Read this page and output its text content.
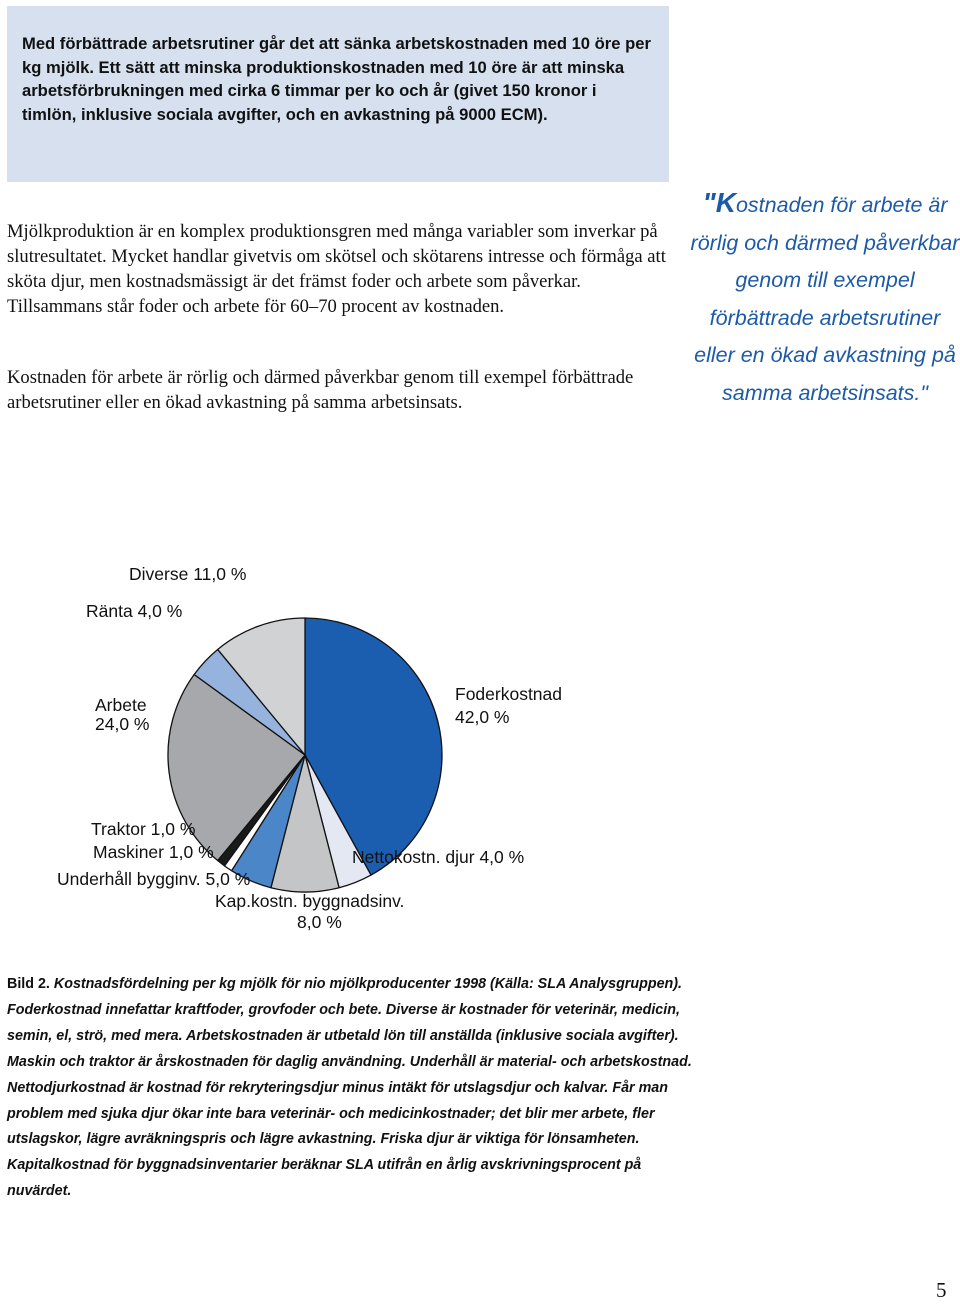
Med förbättrade arbetsrutiner går det att sänka arbetskostnaden med 10 öre per kg mjölk. Ett sätt att minska produktionskostnaden med 10 öre är att minska arbetsförbrukningen med cirka 6 timmar per ko och år (givet 150 kronor i timlön, inklusive sociala avgifter, och en avkastning på 9000 ECM).

Mjölkproduktion är en komplex produktionsgren med många variabler som inverkar på slutresultatet. Mycket handlar givetvis om skötsel och skötarens intresse och förmåga att sköta djur, men kostnadsmässigt är det främst foder och arbete som påverkar. Tillsammans står foder och arbete för 60–70 procent av kostnaden.

Kostnaden för arbete är rörlig och därmed påverkbar genom till exempel förbättrade arbetsrutiner eller en ökad avkastning på samma arbetsinsats.

"Kostnaden för arbete är rörlig och därmed påverkbar genom till exempel förbättrade arbetsrutiner eller en ökad avkastning på samma arbetsinsats."

Diverse 11,0 %
Ränta 4,0 %
Arbete
24,0 %
Foderkostnad
42,0 %
Traktor 1,0 %
Maskiner 1,0 %	Nettokostn. djur 4,0 %
Underhåll bygginv. 5,0 %
Kap.kostn. byggnadsinv.
8,0 %

Bild 2. Kostnadsfördelning per kg mjölk för nio mjölkproducenter 1998 (Källa: SLA Analysgruppen). Foderkostnad innefattar kraftfoder, grovfoder och bete. Diverse är kostnader för veterinär, medicin, semin, el, strö, med mera. Arbetskostnaden är utbetald lön till anställda (inklusive sociala avgifter). Maskin och traktor är årskostnaden för daglig användning. Underhåll är material- och arbetskostnad. Nettodjurkostnad är kostnad för rekryteringsdjur minus intäkt för utslagsdjur och kalvar. Får man problem med sjuka djur ökar inte bara veterinär- och medicinkostnader; det blir mer arbete, fler utslagskor, lägre avräkningspris och lägre avkastning. Friska djur är viktiga för lönsamheten. Kapitalkostnad för byggnadsinventarier beräknar SLA utifrån en årlig avskrivningsprocent på nuvärdet.

5
